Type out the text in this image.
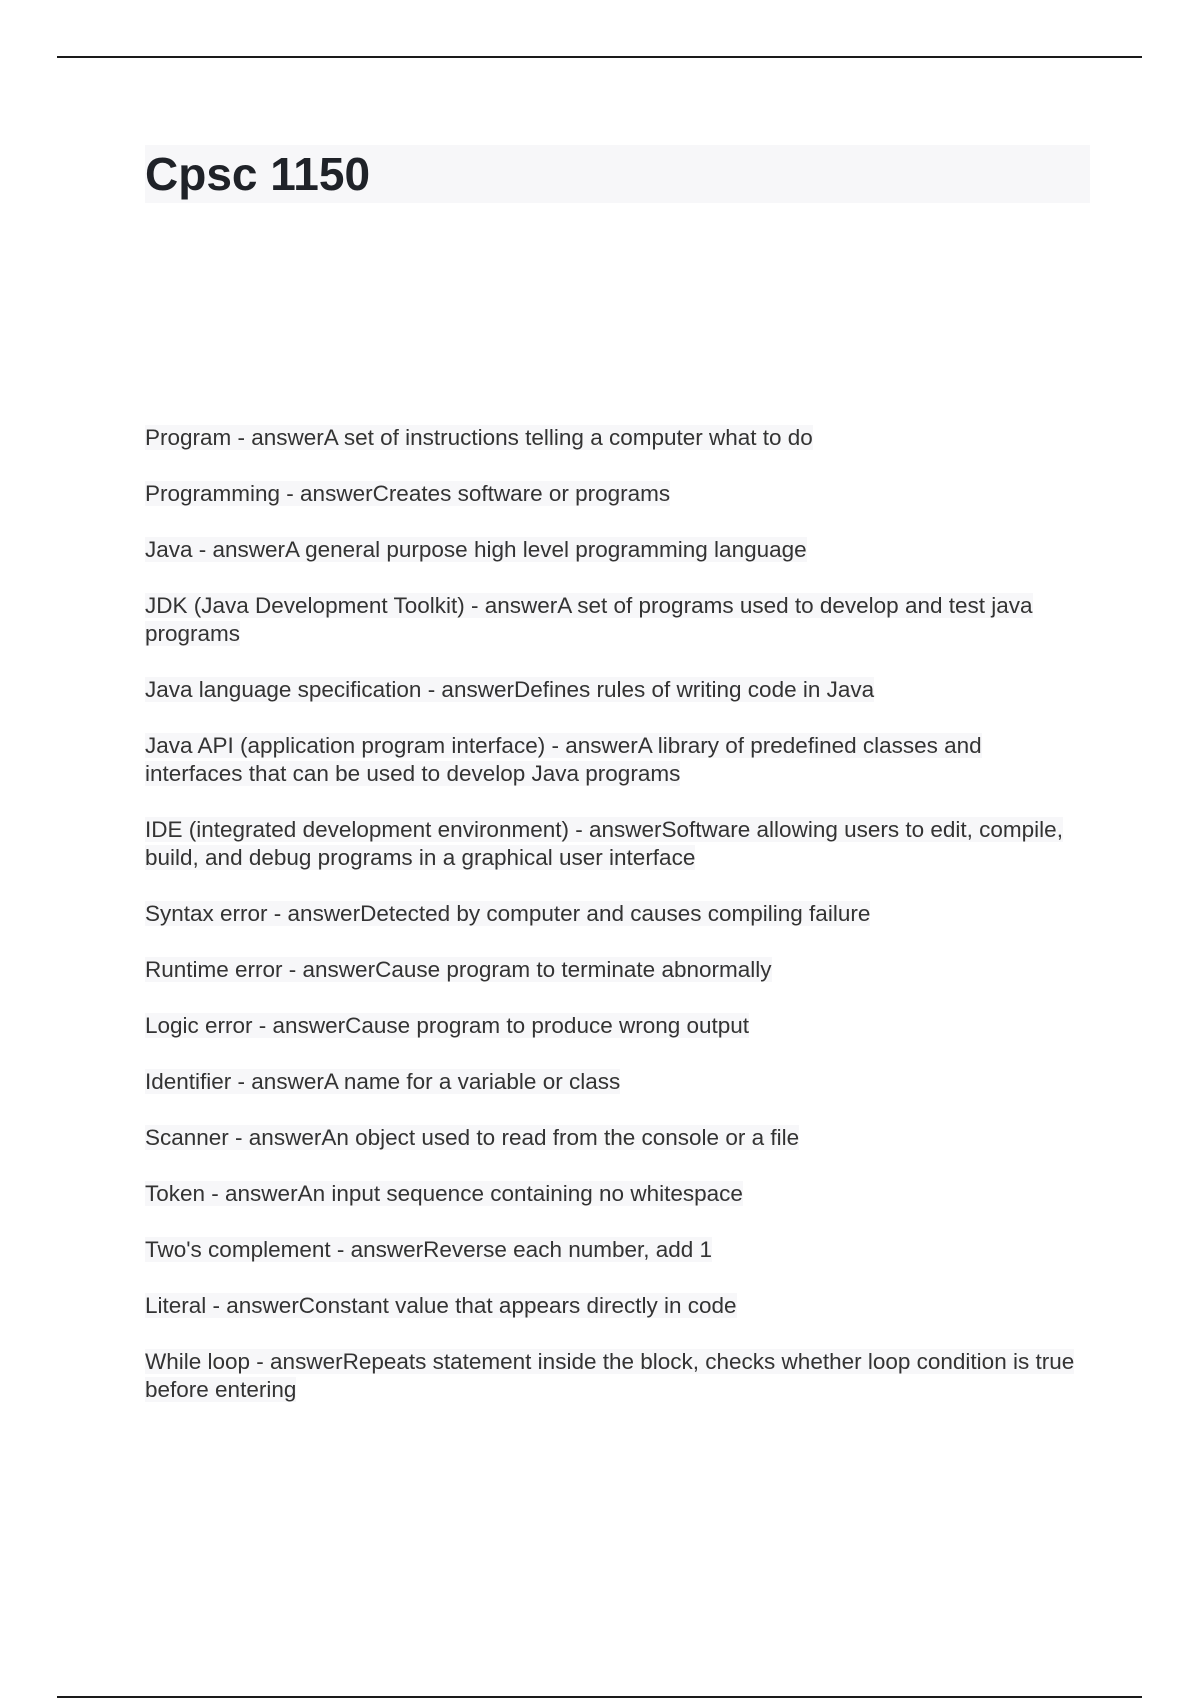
Cpsc 1150
Program - answerA set of instructions telling a computer what to do
Programming - answerCreates software or programs
Java - answerA general purpose high level programming language
JDK (Java Development Toolkit) - answerA set of programs used to develop and test java programs
Java language specification - answerDefines rules of writing code in Java
Java API (application program interface) - answerA library of predefined classes and interfaces that can be used to develop Java programs
IDE (integrated development environment) - answerSoftware allowing users to edit, compile, build, and debug programs in a graphical user interface
Syntax error - answerDetected by computer and causes compiling failure
Runtime error - answerCause program to terminate abnormally
Logic error - answerCause program to produce wrong output
Identifier - answerA name for a variable or class
Scanner - answerAn object used to read from the console or a file
Token - answerAn input sequence containing no whitespace
Two's complement - answerReverse each number, add 1
Literal - answerConstant value that appears directly in code
While loop - answerRepeats statement inside the block, checks whether loop condition is true before entering
